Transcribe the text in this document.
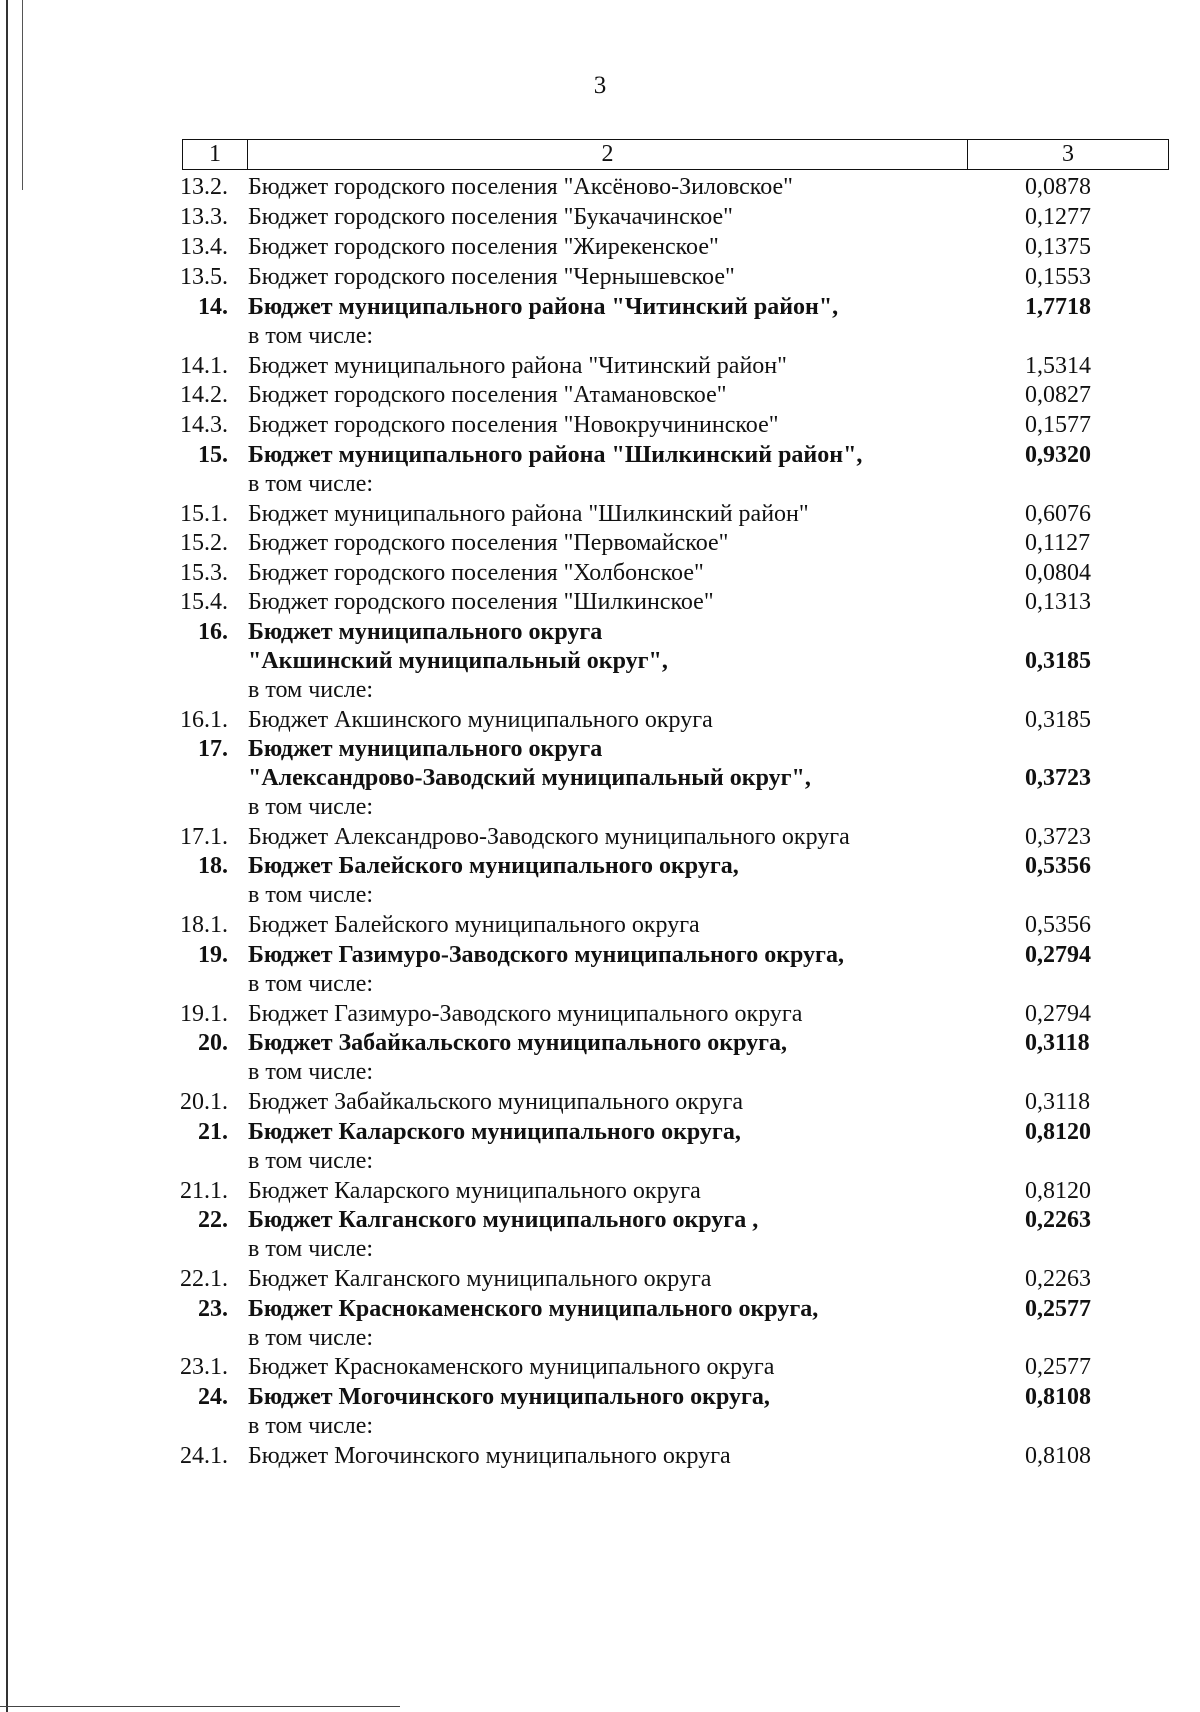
3
1	2	3
13.2. Бюджет городского поселения "Аксёново-Зиловское"	0,0878
13.3. Бюджет городского поселения "Букачачинское"	0,1277
13.4. Бюджет городского поселения "Жирекенское"	0,1375
13.5. Бюджет городского поселения "Чернышевское"	0,1553
14. Бюджет муниципального района "Читинский район",	1,7718
в том числе:
14.1. Бюджет муниципального района "Читинский район"	1,5314
14.2. Бюджет городского поселения "Атамановское"	0,0827
14.3. Бюджет городского поселения "Новокручининское"	0,1577
15. Бюджет муниципального района "Шилкинский район",	0,9320
в том числе:
15.1. Бюджет муниципального района "Шилкинский район"	0,6076
15.2. Бюджет городского поселения "Первомайское"	0,1127
15.3. Бюджет городского поселения "Холбонское"	0,0804
15.4. Бюджет городского поселения "Шилкинское"	0,1313
16. Бюджет муниципального округа
"Акшинский муниципальный округ",	0,3185
в том числе:
16.1. Бюджет Акшинского муниципального округа	0,3185
17. Бюджет муниципального округа
"Александрово-Заводский муниципальный округ",	0,3723
в том числе:
17.1. Бюджет Александрово-Заводского муниципального округа	0,3723
18. Бюджет Балейского муниципального округа,	0,5356
в том числе:
18.1. Бюджет Балейского муниципального округа	0,5356
19. Бюджет Газимуро-Заводского муниципального округа,	0,2794
в том числе:
19.1. Бюджет Газимуро-Заводского муниципального округа	0,2794
20. Бюджет Забайкальского муниципального округа,	0,3118
в том числе:
20.1. Бюджет Забайкальского муниципального округа	0,3118
21. Бюджет Каларского муниципального округа,	0,8120
в том числе:
21.1. Бюджет Каларского муниципального округа	0,8120
22. Бюджет Калганского муниципального округа ,	0,2263
в том числе:
22.1. Бюджет Калганского муниципального округа	0,2263
23. Бюджет Краснокаменского муниципального округа,	0,2577
в том числе:
23.1. Бюджет Краснокаменского муниципального округа	0,2577
24. Бюджет Могочинского муниципального округа,	0,8108
в том числе:
24.1. Бюджет Могочинского муниципального округа	0,8108
